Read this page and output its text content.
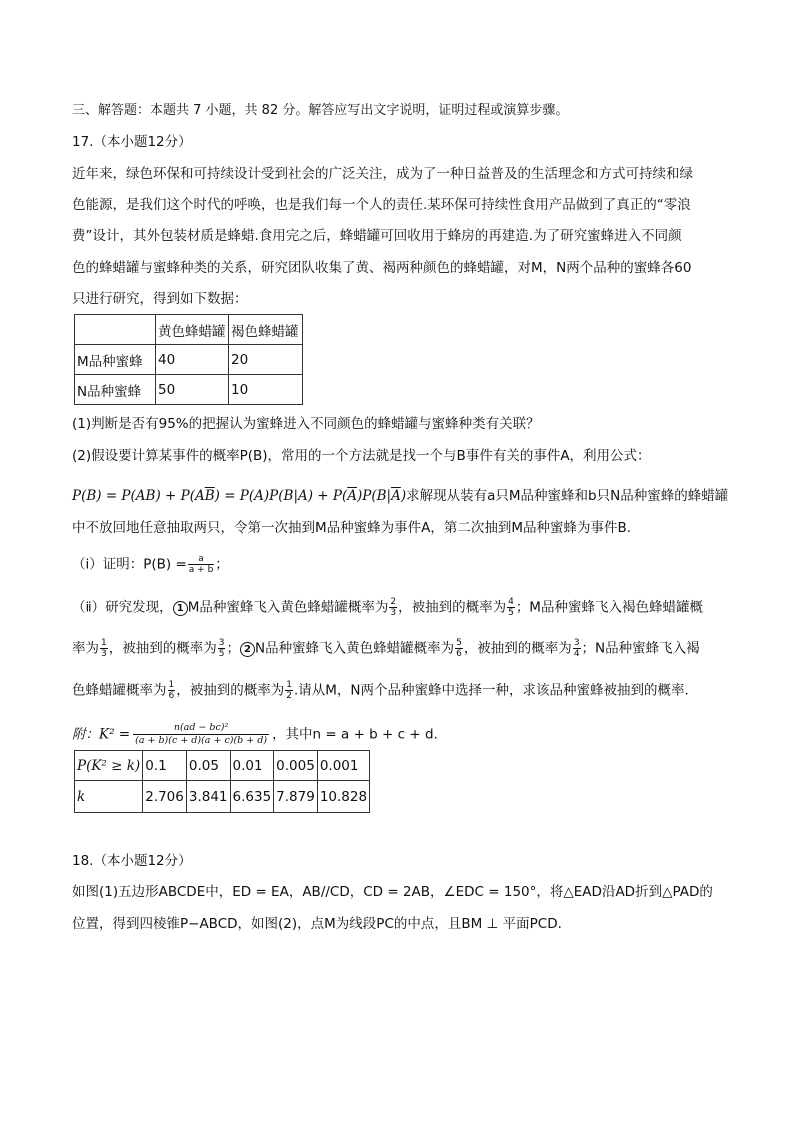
三、解答题：本题共 7 小题，共 82 分。解答应写出文字说明，证明过程或演算步骤。
17.（本小题12分）
近年来，绿色环保和可持续设计受到社会的广泛关注，成为了一种日益普及的生活理念和方式可持续和绿
色能源，是我们这个时代的呼唤，也是我们每一个人的责任.某环保可持续性食用产品做到了真正的“零浪
费”设计，其外包装材质是蜂蜡.食用完之后，蜂蜡罐可回收用于蜂房的再建造.为了研究蜜蜂进入不同颜
色的蜂蜡罐与蜜蜂种类的关系，研究团队收集了黄、褐两种颜色的蜂蜡罐，对M，N两个品种的蜜蜂各60
只进行研究，得到如下数据：
	黄色蜂蜡罐	褐色蜂蜡罐
M品种蜜蜂	40	20
N品种蜜蜂	50	10
(1)判断是否有95%的把握认为蜜蜂进入不同颜色的蜂蜡罐与蜜蜂种类有关联？
(2)假设要计算某事件的概率P(B)，常用的一个方法就是找一个与B事件有关的事件A，利用公式：
$P(B) = P(AB) + P(A\overline{B}) = P(A)P(B|A) + P(\overline{A})P(B|\overline{A})$求解现从装有a只M品种蜜蜂和b只N品种蜜蜂的蜂蜡罐
中不放回地任意抽取两只，令第一次抽到M品种蜜蜂为事件A，第二次抽到M品种蜜蜂为事件B.
（ⅰ）证明：$P(B) = \frac{a}{a + b}$ ；
（ⅱ）研究发现， 1 M品种蜜蜂飞入黄色蜂蜡罐概率为 $\frac{2}{3}$ ，被抽到的概率为 $\frac{4}{5}$ ；M品种蜜蜂飞入褐色蜂蜡罐概
率为 $\frac{1}{3}$ ，被抽到的概率为 $\frac{3}{5}$ ； 2 N品种蜜蜂飞入黄色蜂蜡罐概率为 $\frac{5}{6}$ ，被抽到的概率为 $\frac{3}{4}$ ；N品种蜜蜂飞入褐
色蜂蜡罐概率为 $\frac{1}{6}$ ，被抽到的概率为 $\frac{1}{2}$ .请从M，N两个品种蜜蜂中选择一种，求该品种蜜蜂被抽到的概率.
附：$K^2 = \frac{\text{n(ad − bc)²}}{(a + b)(c + d)(a + c)(b + d)}$ ，其中n = a + b + c + d.
P(K² ≥ k)	0.1	0.05	0.01	0.005	0.001
k	2.706	3.841	6.635	7.879	10.828
18.（本小题12分）
如图(1)五边形ABCDE中，ED = EA，AB//CD，CD = 2AB，∠EDC = 150°，将△EAD沿AD折到△PAD的
位置，得到四棱锥P−ABCD，如图(2)，点M为线段PC的中点，且BM ⊥ 平面PCD.
